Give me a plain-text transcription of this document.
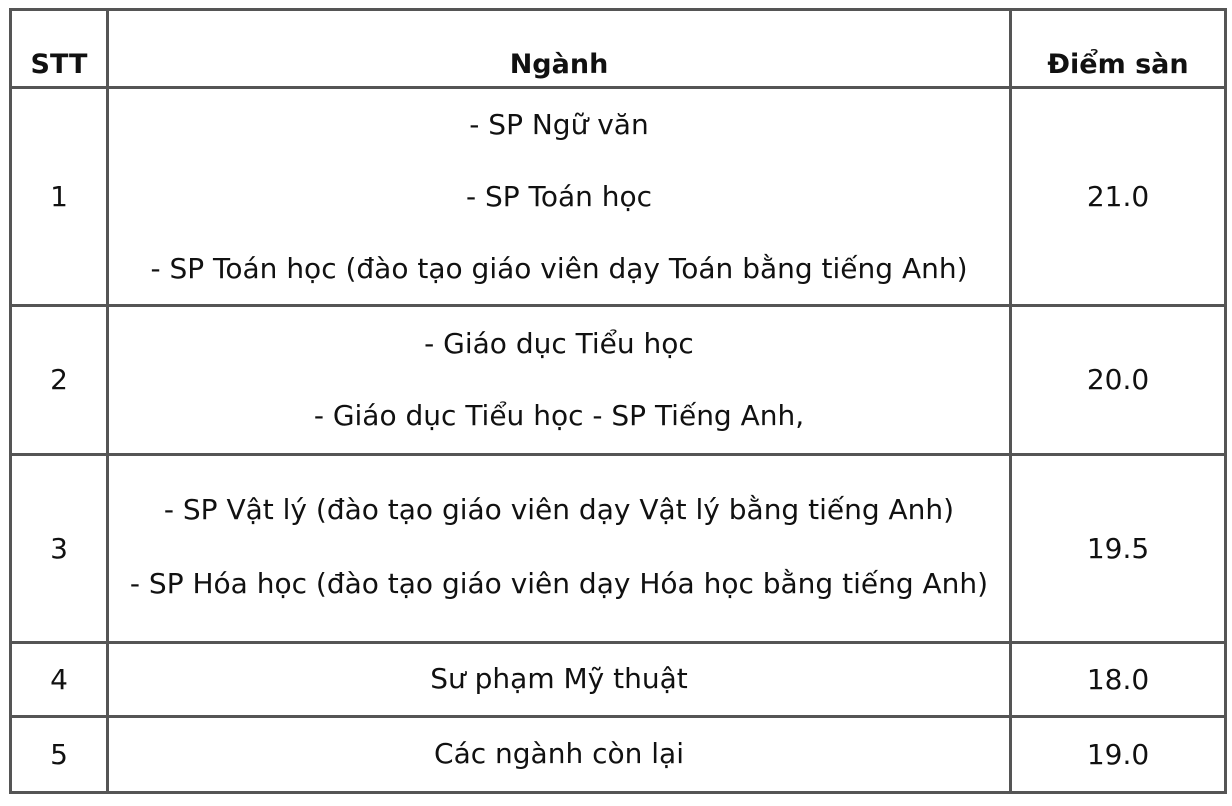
STT	Ngành	Điểm sàn
1	- SP Ngữ văn
- SP Toán học
- SP Toán học (đào tạo giáo viên dạy Toán bằng tiếng Anh)	21.0
2	- Giáo dục Tiểu học
- Giáo dục Tiểu học - SP Tiếng Anh,	20.0
3	- SP Vật lý (đào tạo giáo viên dạy Vật lý bằng tiếng Anh)
- SP Hóa học (đào tạo giáo viên dạy Hóa học bằng tiếng Anh)	19.5
4	Sư phạm Mỹ thuật	18.0
5	Các ngành còn lại	19.0
